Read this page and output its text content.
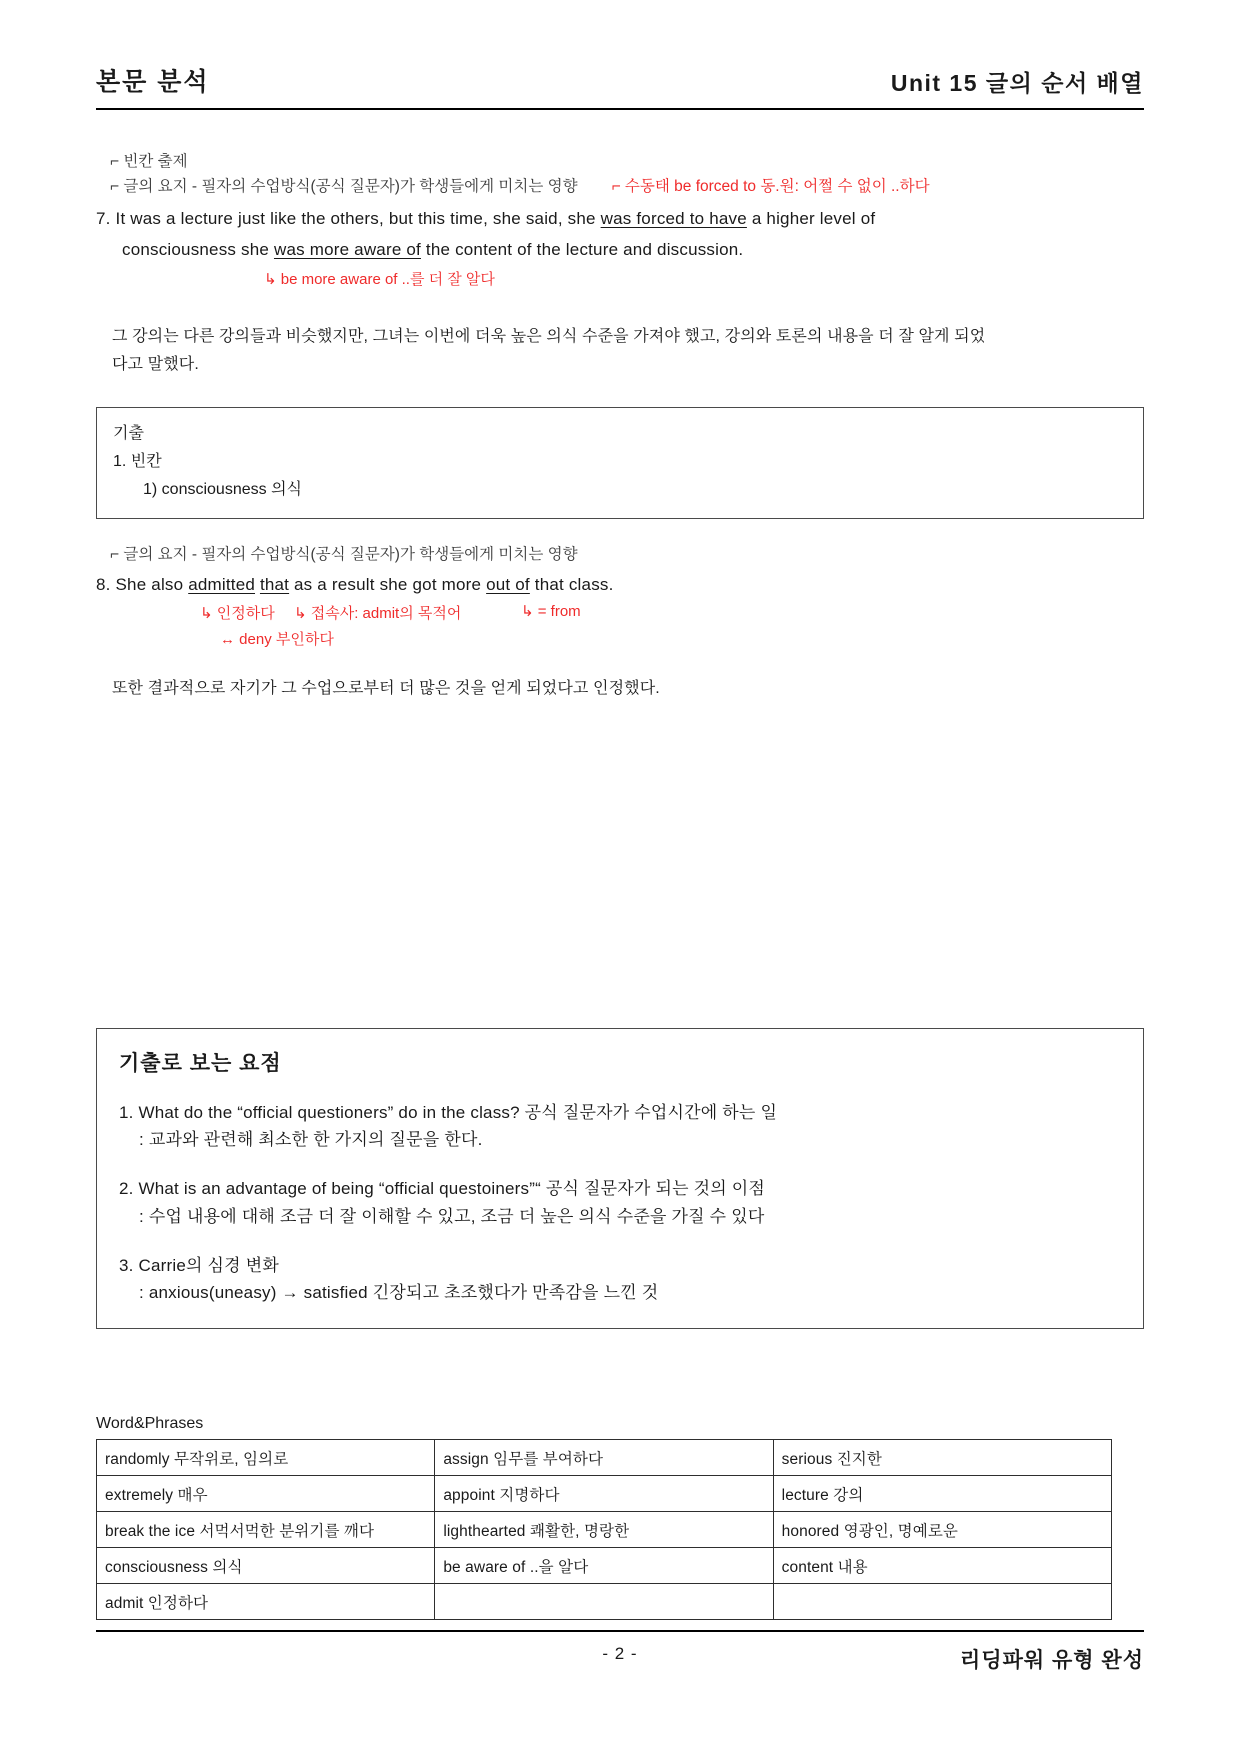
본문 분석	Unit 15 글의 순서 배열
⌐ 빈칸 출제
⌐ 글의 요지 - 필자의 수업방식(공식 질문자)가 학생들에게 미치는 영향 ⌐ 수동태 be forced to 동.원: 어쩔 수 없이 ..하다
7. It was a lecture just like the others, but this time, she said, she was forced to have a higher level of
consciousness she was more aware of the content of the lecture and discussion.
↳ be more aware of ..를 더 잘 알다
그 강의는 다른 강의들과 비슷했지만, 그녀는 이번에 더욱 높은 의식 수준을 가져야 했고, 강의와 토론의 내용을 더 잘 알게 되었
다고 말했다.
기출
1. 빈칸
1) consciousness 의식
⌐ 글의 요지 - 필자의 수업방식(공식 질문자)가 학생들에게 미치는 영향
8. She also admitted that as a result she got more out of that class.
↳ 인정하다 ↳ 접속사: admit의 목적어	↳ = from
↔ deny 부인하다
또한 결과적으로 자기가 그 수업으로부터 더 많은 것을 얻게 되었다고 인정했다.
기출로 보는 요점
1. What do the “official questioners” do in the class? 공식 질문자가 수업시간에 하는 일
: 교과와 관련해 최소한 한 가지의 질문을 한다.
2. What is an advantage of being “official questoiners”“ 공식 질문자가 되는 것의 이점
: 수업 내용에 대해 조금 더 잘 이해할 수 있고, 조금 더 높은 의식 수준을 가질 수 있다
3. Carrie의 심경 변화
: anxious(uneasy) → satisfied 긴장되고 초조했다가 만족감을 느낀 것
Word&Phrases
randomly 무작위로, 임의로	assign 임무를 부여하다	serious 진지한
extremely 매우	appoint 지명하다	lecture 강의
break the ice 서먹서먹한 분위기를 깨다	lighthearted 쾌활한, 명랑한	honored 영광인, 명예로운
consciousness 의식	be aware of ..을 알다	content 내용
admit 인정하다		
- 2 -	리딩파워 유형 완성
